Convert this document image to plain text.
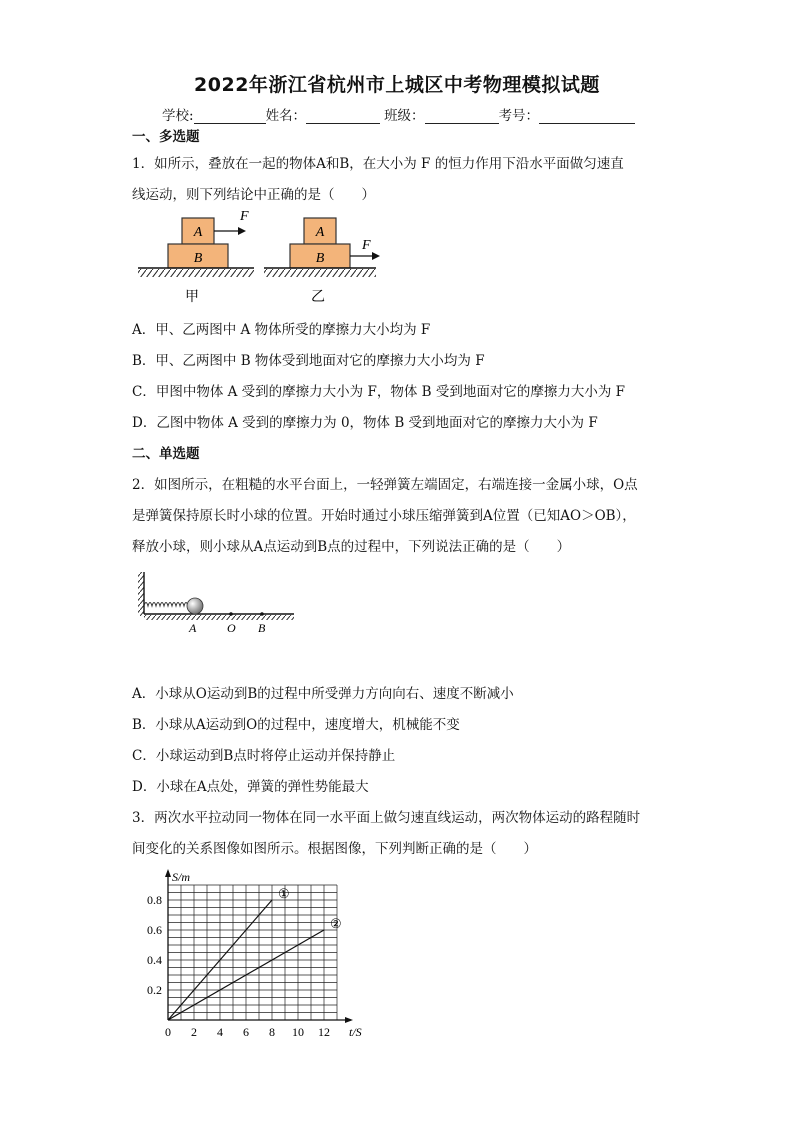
2022年浙江省杭州市上城区中考物理模拟试题
学校:	姓名：	班级：	考号：
一、多选题
1．如所示，叠放在一起的物体A和B，在大小为 F 的恒力作用下沿水平面做匀速直
线运动，则下列结论中正确的是（　　）
A
B
F
甲
A
B
F
乙
A．甲、乙两图中 A 物体所受的摩擦力大小均为 F
B．甲、乙两图中 B 物体受到地面对它的摩擦力大小均为 F
C．甲图中物体 A 受到的摩擦力大小为 F，物体 B 受到地面对它的摩擦力大小为 F
D．乙图中物体 A 受到的摩擦力为 0，物体 B 受到地面对它的摩擦力大小为 F
二、单选题
2．如图所示，在粗糙的水平台面上，一轻弹簧左端固定，右端连接一金属小球，O点
是弹簧保持原长时小球的位置。开始时通过小球压缩弹簧到A位置（已知AO＞OB），
释放小球，则小球从A点运动到B点的过程中，下列说法正确的是（　　）
A	O B
A．小球从O运动到B的过程中所受弹力方向向右、速度不断减小
B．小球从A运动到O的过程中，速度增大，机械能不变
C．小球运动到B点时将停止运动并保持静止
D．小球在A点处，弹簧的弹性势能最大
3．两次水平拉动同一物体在同一水平面上做匀速直线运动，两次物体运动的路程随时
间变化的关系图像如图所示。根据图像，下列判断正确的是（　　）
0 2 4 6 8 10 12
0.2
0.4
0.6
0.8
S/m
t/S
①
②
